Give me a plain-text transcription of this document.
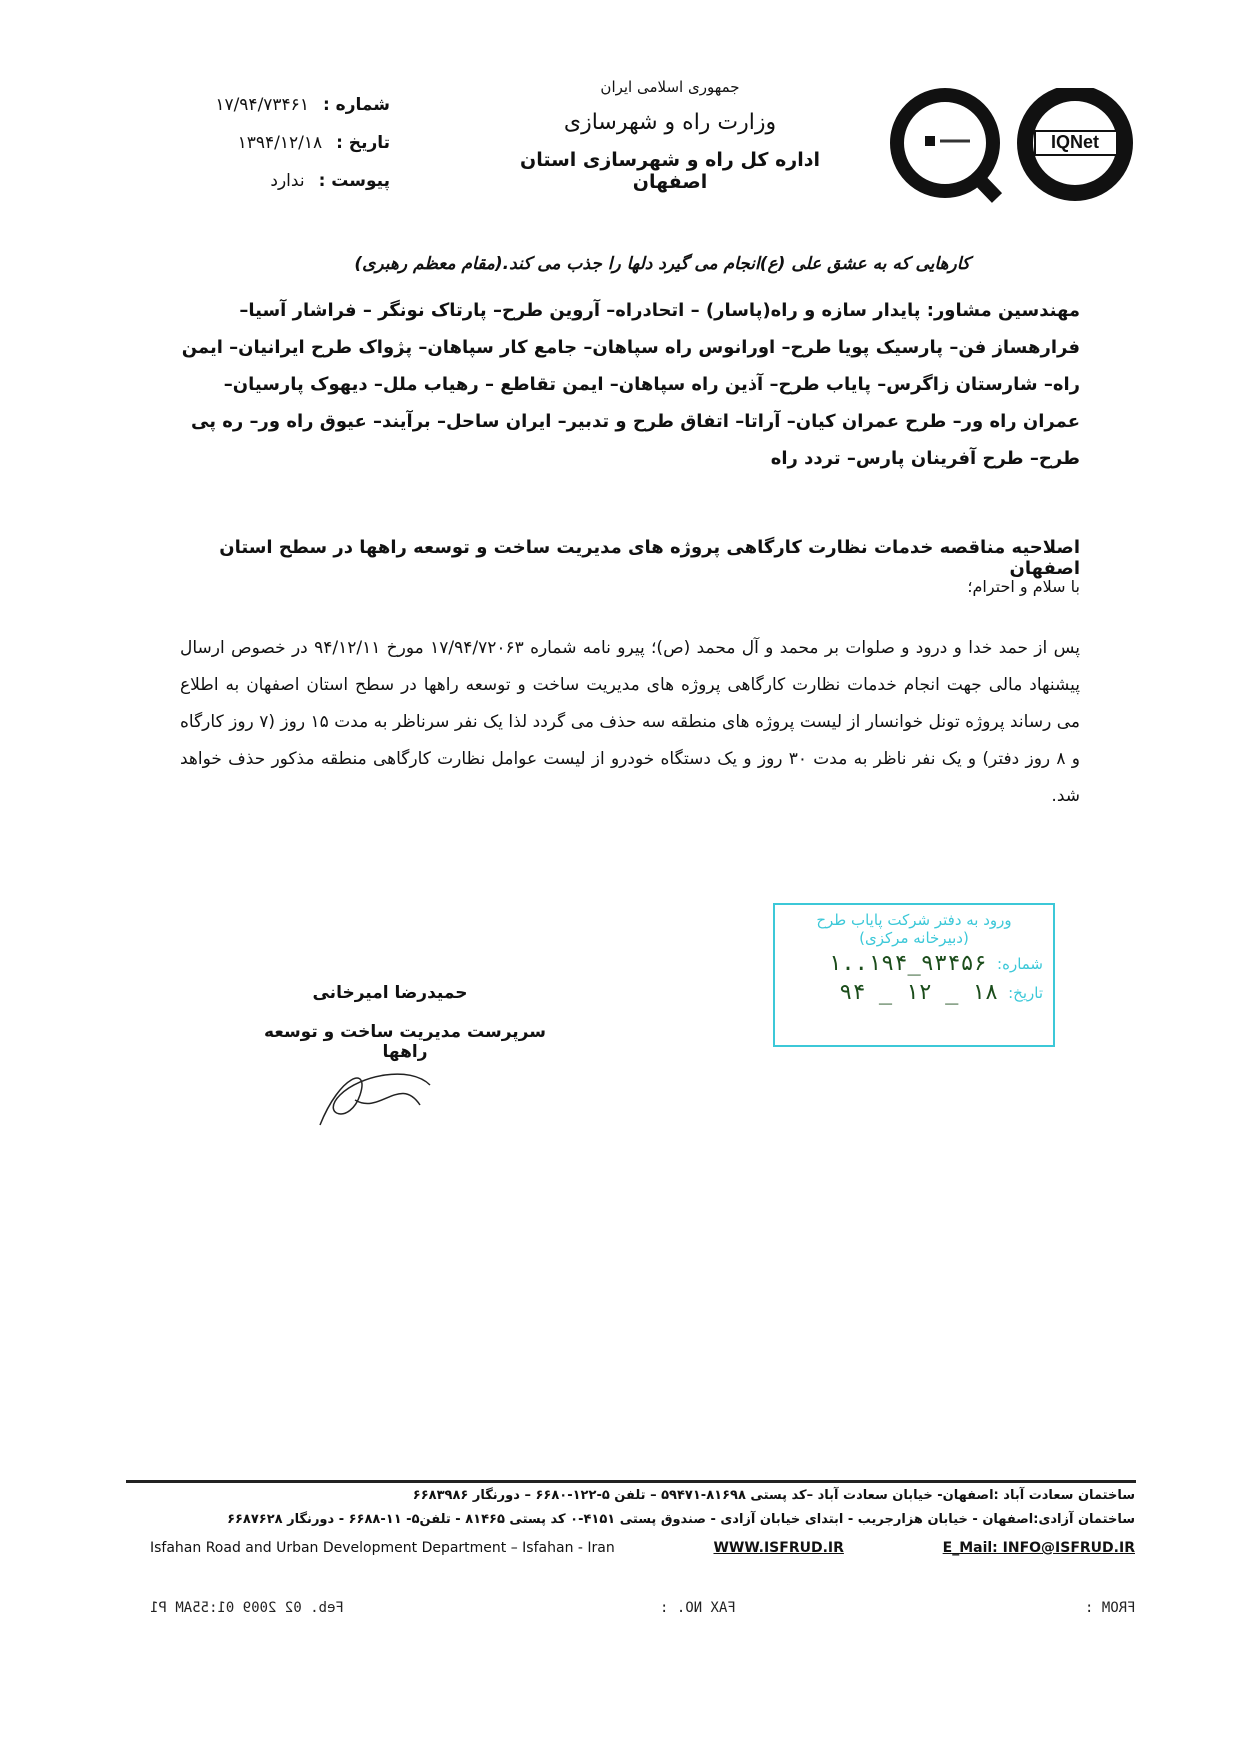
شماره :
۱۷/۹۴/۷۳۴۶۱
تاریخ :
۱۳۹۴/۱۲/۱۸
پیوست :
ندارد
جمهوری اسلامی ایران
وزارت راه و شهرسازی
اداره کل راه و شهرسازی استان اصفهان
IQNet
کارهایی که به عشق علی (ع)انجام می گیرد دلها را جذب می کند.(مقام معظم رهبری)
مهندسین مشاور: پایدار سازه و راه(پاسار) – اتحادراه– آروین طرح– پارتاک نونگر – فراشار آسیا– فرارهساز فن– پارسیک پویا طرح– اورانوس راه سپاهان– جامع کار سپاهان– پژواک طرح ایرانیان– ایمن راه– شارستان زاگرس– پایاب طرح– آذین راه سپاهان– ایمن تقاطع – رهیاب ملل– دیهوک پارسیان– عمران راه ور– طرح عمران کیان– آراتا– اتفاق طرح و تدبیر– ایران ساحل– برآیند– عیوق راه ور– ره پی طرح– طرح آفرینان پارس– تردد راه
اصلاحیه مناقصه خدمات نظارت کارگاهی پروژه های مدیریت ساخت و توسعه راهها در سطح استان اصفهان
با سلام و احترام؛
پس از حمد خدا و درود و صلوات بر محمد و آل محمد (ص)؛ پیرو نامه شماره ۱۷/۹۴/۷۲۰۶۳ مورخ ۹۴/۱۲/۱۱ در خصوص ارسال پیشنهاد مالی جهت انجام خدمات نظارت کارگاهی پروژه های مدیریت ساخت و توسعه راهها در سطح استان اصفهان به اطلاع می رساند پروژه تونل خوانسار از لیست پروژه های منطقه سه حذف می گردد لذا یک نفر سرناظر به مدت ۱۵ روز (۷ روز کارگاه و ۸ روز دفتر) و یک نفر ناظر به مدت ۳۰ روز و یک دستگاه خودرو از لیست عوامل نظارت کارگاهی منطقه مذکور حذف خواهد شد.
ورود به دفتر شرکت پایاب طرح
(دبیرخانه مرکزی)
شماره:
۱..۱۹۴_۹۳۴۵۶
تاریخ:
۹۴ _ ۱۲ _ ۱۸
حمیدرضا امیرخانی
سرپرست مدیریت ساخت و توسعه راهها
ساختمان سعادت آباد :اصفهان- خیابان سعادت آباد –کد پستی ۸۱۶۹۸-۵۹۴۷۱ – تلفن ۵-۱۲۲-۶۶۸۰ – دورنگار ۶۶۸۳۹۸۶
ساختمان آزادی:اصفهان - خیابان هزارجریب - ابتدای خیابان آزادی - صندوق پستی ۴۱۵۱-۰ کد پستی ۸۱۴۶۵ - تلفن۵- ۱۱-۶۶۸۸ - دورنگار ۶۶۸۷۶۲۸
Isfahan Road and Urban Development Department – Isfahan - Iran	WWW.ISFRUD.IR	E_Mail: INFO@ISFRUD.IR
Feb. 02 2009 01:55AM P1	FAX NO. :	FROM :
